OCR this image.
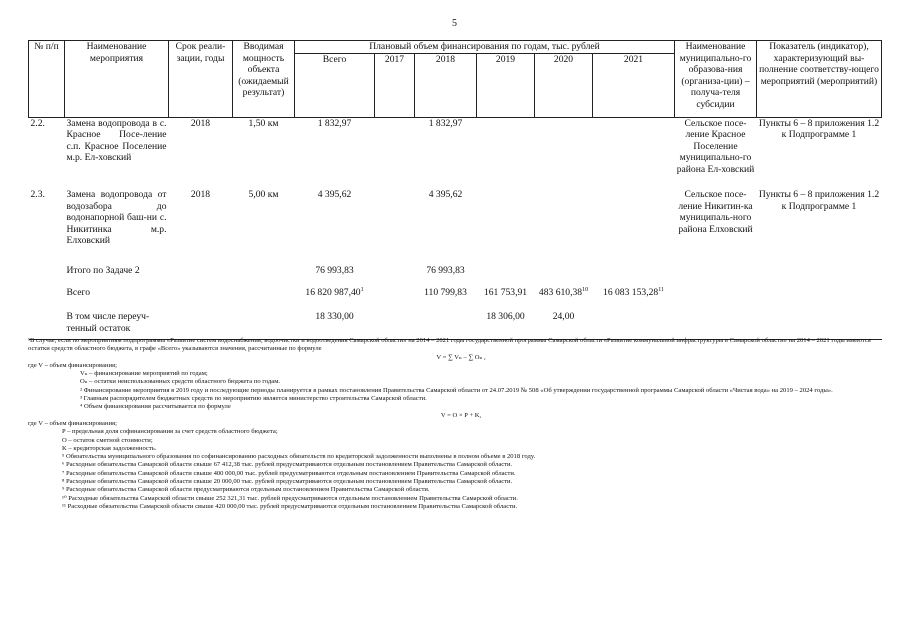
5
№ п/п	Наименование мероприятия	Срок реали-зации, годы	Вводимая мощность объекта (ожидаемый результат)	Плановый объем финансирования по годам, тыс. рублей						Наименование муниципально-го образова-ния (организа-ции) – получа-теля субсидии	Показатель (индикатор), характеризующий вы-полнение соответству-ющего мероприятий (мероприятий)
				Всего	2017	2018	2019	2020	2021		
2.2.	Замена водопровода в с. Красное Посе-ление с.п. Красное Поселение м.р. Ел-ховский	2018	1,50 км	1 832,97		1 832,97				Сельское посе-ление Красное Поселение муниципально-го района Ел-ховский	Пункты 6 – 8 приложения 1.2 к Подпрограмме 1
2.3.	Замена водопровода от водозабора до водонапорной баш-ни с. Никитинка м.р. Елховский	2018	5,00 км	4 395,62		4 395,62				Сельское посе-ление Никитин-ка муниципаль-ного района Елховский	Пункты 6 – 8 приложения 1.2 к Подпрограмме 1
	Итого по Задаче 2			76 993,83		76 993,83					
	Всего			16 820 987,40$^1$		110 799,83	161 753,91	483 610,38$^{10}$	16 083 153,28$^{11}$		
	В том числе переуч-тенный остаток			18 330,00			18 306,00	24,00			

¹В случае, если по мероприятиям подпрограммы «Развитие систем водоснабжения, водоочистки и водоотведения Самарской области» на 2014 – 2021 годы государственной программы Самарской области «Развитие коммунальной инфраструктуры в Самарской области» на 2014 – 2021 годы имеются остатки средств областного бюджета, в графе «Всего» указываются значения, рассчитанные по формуле

V = ∑ Vₙ – ∑ Oₙ ,

где V – объем финансирования;

Vₙ – финансирование мероприятий по годам;

Oₙ – остатки неиспользованных средств областного бюджета по годам.

² Финансирование мероприятия в 2019 году и последующие периоды планируется в рамках постановления Правительства Самарской области от 24.07.2019 № 508 «Об утверждении государственной программы Самарской области «Чистая вода» на 2019 – 2024 годы».

³ Главным распорядителем бюджетных средств по мероприятию является министерство строительства Самарской области.

⁴ Объем финансирования рассчитывается по формуле

V = O × P + K,

где V – объем финансирования;

P – предельная доля софинансирования за счет средств областного бюджета;

O – остаток сметной стоимости;

K – кредиторская задолженность.

⁵ Обязательства муниципального образования по софинансированию расходных обязательств по кредиторской задолженности выполнены в полном объеме в 2018 году.

⁶ Расходные обязательства Самарской области свыше 67 412,38 тыс. рублей предусматриваются отдельным постановлением Правительства Самарской области.

⁷ Расходные обязательства Самарской области свыше 400 000,00 тыс. рублей предусматриваются отдельным постановлением Правительства Самарской области.

⁸ Расходные обязательства Самарской области свыше 20 000,00 тыс. рублей предусматриваются отдельным постановлением Правительства Самарской области.

⁹ Расходные обязательства Самарской области предусматриваются отдельным постановлением Правительства Самарской области.

¹⁰ Расходные обязательства Самарской области свыше 252 321,31 тыс. рублей предусматриваются отдельным постановлением Правительства Самарской области.

¹¹ Расходные обязательства Самарской области свыше 420 000,00 тыс. рублей предусматриваются отдельным постановлением Правительства Самарской области.
